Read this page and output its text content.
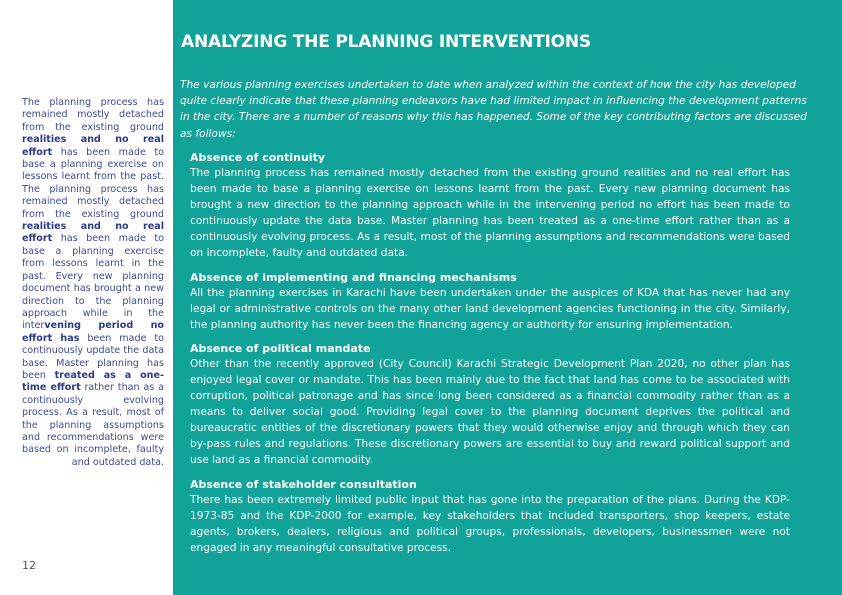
The planning process has remained mostly detached from the existing ground realities and no real effort has been made to base a planning exercise on lessons learnt from the past. The planning process has remained mostly detached from the existing ground realities and no real effort has been made to base a planning exercise from lessons learnt in the past. Every new planning document has brought a new direction to the planning approach while in the intervening period no effort has been made to continuously update the data base. Master planning has been treated as a one-time effort rather than as a continuously evolving process. As a result, most of the planning assumptions and recommendations were based on incomplete, faulty and outdated data.
12
ANALYZING THE PLANNING INTERVENTIONS
The various planning exercises undertaken to date when analyzed within the context of how the city has developed quite clearly indicate that these planning endeavors have had limited impact in influencing the development patterns in the city. There are a number of reasons why this has happened. Some of the key contributing factors are discussed as follows:
Absence of continuity
The planning process has remained mostly detached from the existing ground realities and no real effort has been made to base a planning exercise on lessons learnt from the past. Every new planning document has brought a new direction to the planning approach while in the intervening period no effort has been made to continuously update the data base. Master planning has been treated as a one-time effort rather than as a continuously evolving process. As a result, most of the planning assumptions and recommendations were based on incomplete, faulty and outdated data.
Absence of implementing and financing mechanisms
All the planning exercises in Karachi have been undertaken under the auspices of KDA that has never had any legal or administrative controls on the many other land development agencies functioning in the city. Similarly, the planning authority has never been the financing agency or authority for ensuring implementation.
Absence of political mandate
Other than the recently approved (City Council) Karachi Strategic Development Plan 2020, no other plan has enjoyed legal cover or mandate. This has been mainly due to the fact that land has come to be associated with corruption, political patronage and has since long been considered as a financial commodity rather than as a means to deliver social good. Providing legal cover to the planning document deprives the political and bureaucratic entities of the discretionary powers that they would otherwise enjoy and through which they can by-pass rules and regulations. These discretionary powers are essential to buy and reward political support and use land as a financial commodity.
Absence of stakeholder consultation
There has been extremely limited public input that has gone into the preparation of the plans. During the KDP-1973-85 and the KDP-2000 for example, key stakeholders that included transporters, shop keepers, estate agents, brokers, dealers, religious and political groups, professionals, developers, businessmen were not engaged in any meaningful consultative process.
